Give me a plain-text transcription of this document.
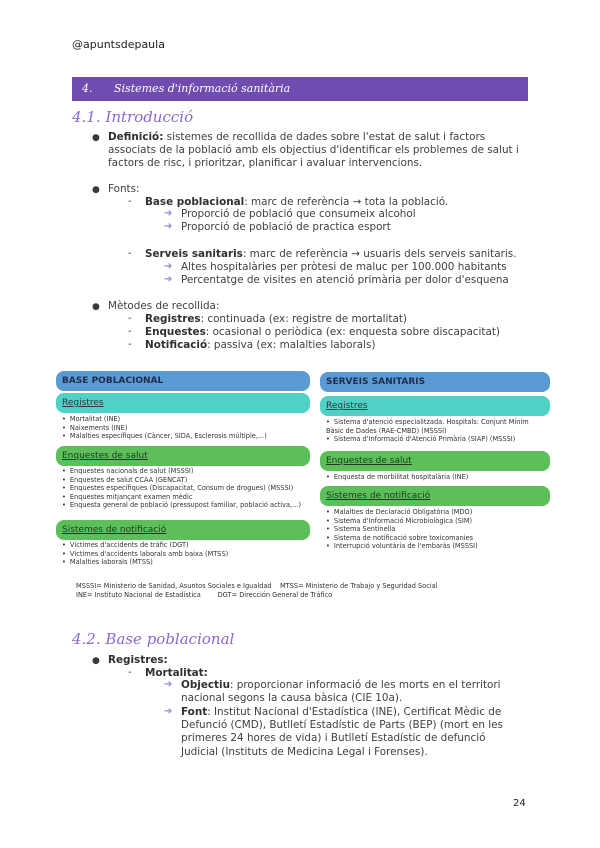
@apuntsdepaula
4. Sistemes d'informació sanitària
4.1. Introducció
● Definició: sistemes de recollida de dades sobre l'estat de salut i factors
associats de la població amb els objectius d'identificar els problemes de salut i
factors de risc, i prioritzar, planificar i avaluar intervencions.
● Fonts:
- Base poblacional: marc de referència → tota la població.
➔ Proporció de població que consumeix alcohol
➔ Proporció de població de practica esport
- Serveis sanitaris: marc de referència → usuaris dels serveis sanitaris.
➔ Altes hospitalàries per pròtesi de maluc per 100.000 habitants
➔ Percentatge de visites en atenció primària per dolor d'esquena
● Mètodes de recollida:
- Registres: continuada (ex: registre de mortalitat)
- Enquestes: ocasional o periòdica (ex: enquesta sobre discapacitat)
- Notificació: passiva (ex: malalties laborals)
BASE POBLACIONAL
Registres
• Mortalitat (INE)
• Naixements (INE)
• Malalties específiques (Càncer, SIDA, Esclerosis múltiple,...)
Enquestes de salut
• Enquestes nacionals de salut (MSSSI)
• Enquestes de salut CCAA (GENCAT)
• Enquestes específiques (Discapacitat, Consum de drogues) (MSSSI)
• Enquestes mitjançant examen mèdic
• Enquesta general de població (pressupost familiar, població activa,...)
Sistemes de notificació
• Víctimes d'accidents de tràfic (DGT)
• Víctimes d'accidents laborals amb baixa (MTSS)
• Malalties laborals (MTSS)
SERVEIS SANITARIS
Registres
• Sistema d'atenció especialitzada. Hospitals: Conjunt Mínim Bàsic de Dades (RAE-CMBD) (MSSSI)
• Sistema d'Informació d'Atenció Primària (SIAP) (MSSSI)
Enquestes de salut
• Enquesta de morbilitat hospitalària (INE)
Sistemes de notificació
• Malalties de Declaració Obligatòria (MDO)
• Sistema d'Informació Microbiològica (SIM)
• Sistema Sentinella
• Sistema de notificació sobre toxicomanies
• Interrupció voluntària de l'embaràs (MSSSI)
MSSSI= Ministerio de Sanidad, Asuntos Sociales e Igualdad    MTSS= Ministerio de Trabajo y Seguridad Social
INE= Instituto Nacional de Estadística        DGT= Dirección General de Tráfico
4.2. Base poblacional
● Registres:
- Mortalitat:
➔ Objectiu: proporcionar informació de les morts en el territori
nacional segons la causa bàsica (CIE 10a).
➔ Font: Institut Nacional d'Estadística (INE), Certificat Mèdic de
Defunció (CMD), Butlletí Estadístic de Parts (BEP) (mort en les
primeres 24 hores de vida) i Butlletí Estadístic de defunció
Judicial (Instituts de Medicina Legal i Forenses).
24
